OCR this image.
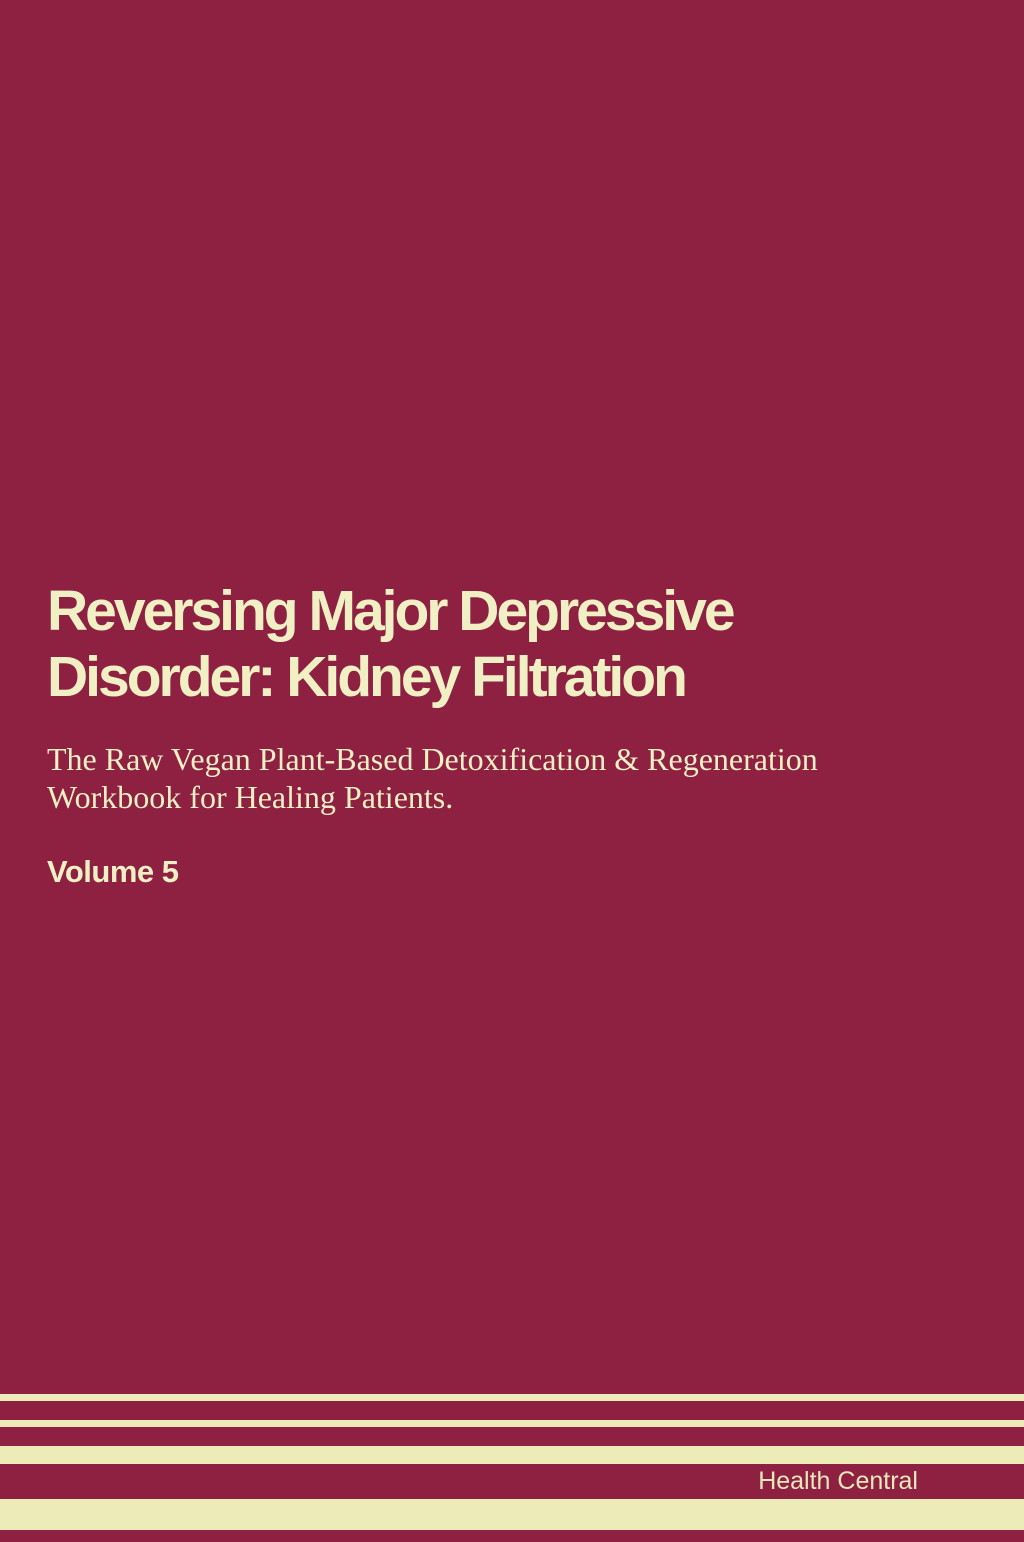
Reversing Major Depressive
Disorder: Kidney Filtration
The Raw Vegan Plant-Based Detoxification & Regeneration
Workbook for Healing Patients.
Volume 5
Health Central
